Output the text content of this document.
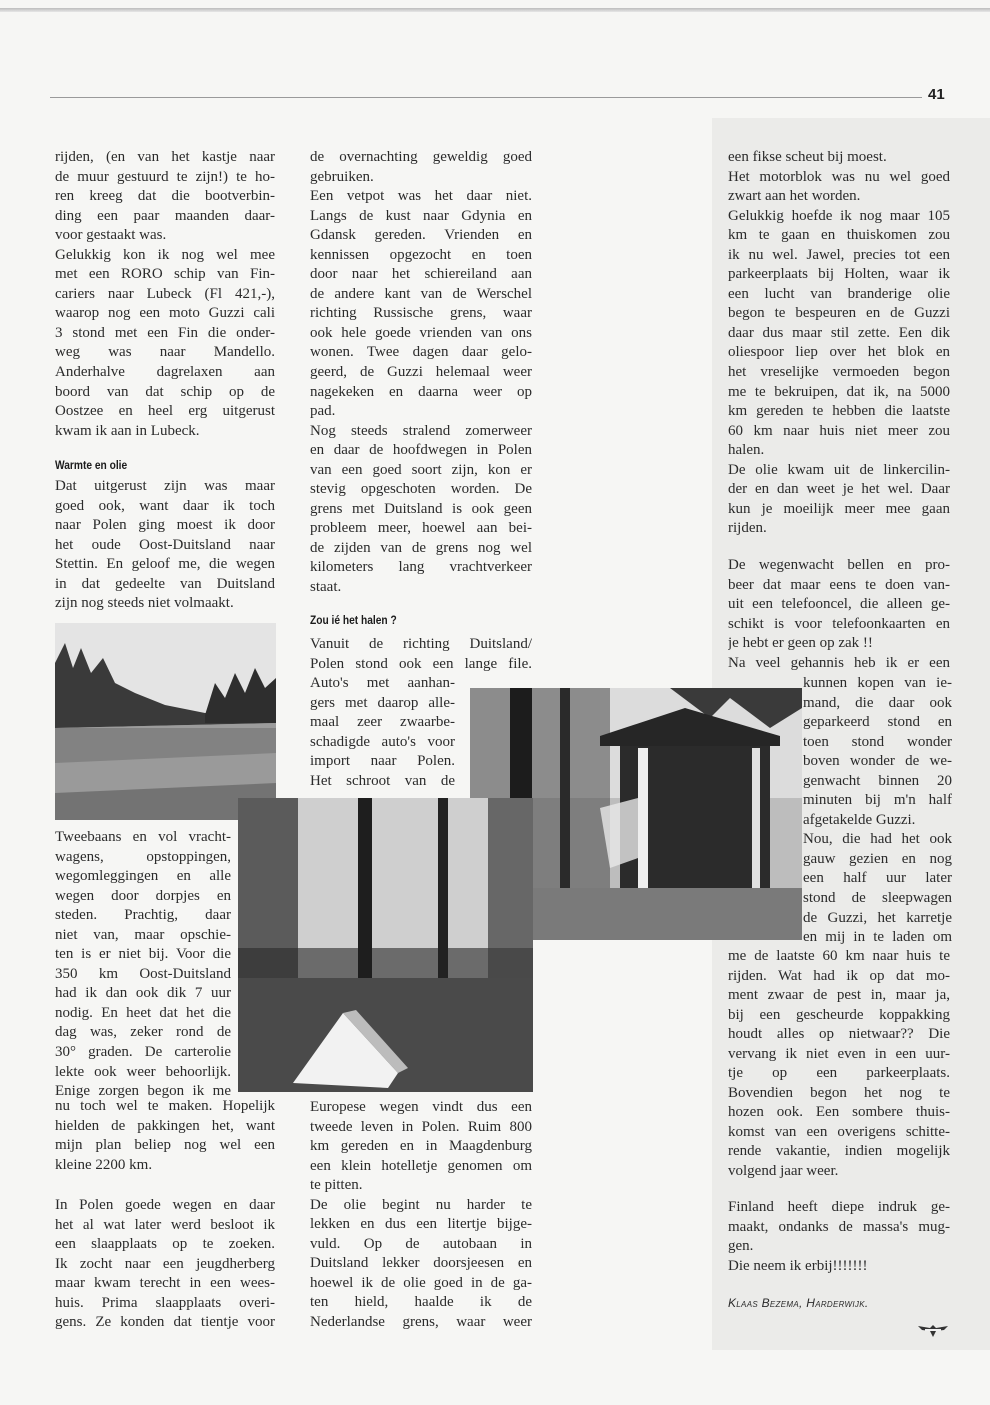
41
rijden, (en van het kastje naar
de muur gestuurd te zijn!) te ho-
ren kreeg dat die bootverbin-
ding een paar maanden daar-
voor gestaakt was.
Gelukkig kon ik nog wel mee
met een RORO schip van Fin-
cariers naar Lubeck (Fl 421,-),
waarop nog een moto Guzzi cali
3 stond met een Fin die onder-
weg was naar Mandello.
Anderhalve dagrelaxen aan
boord van dat schip op de
Oostzee en heel erg uitgerust
kwam ik aan in Lubeck.
Warmte en olie
Dat uitgerust zijn was maar
goed ook, want daar ik toch
naar Polen ging moest ik door
het oude Oost-Duitsland naar
Stettin. En geloof me, die wegen
in dat gedeelte van Duitsland
zijn nog steeds niet volmaakt.
Tweebaans en vol vracht-
wagens, opstoppingen,
wegomleggingen en alle
wegen door dorpjes en
steden. Prachtig, daar
niet van, maar opschie-
ten is er niet bij. Voor die
350 km Oost-Duitsland
had ik dan ook dik 7 uur
nodig. En heet dat het die
dag was, zeker rond de
30° graden. De carterolie
lekte ook weer behoorlijk.
Enige zorgen begon ik me
nu toch wel te maken. Hopelijk
hielden de pakkingen het, want
mijn plan beliep nog wel een
kleine 2200 km.
In Polen goede wegen en daar
het al wat later werd besloot ik
een slaapplaats op te zoeken.
Ik zocht naar een jeugdherberg
maar kwam terecht in een wees-
huis. Prima slaapplaats overi-
gens. Ze konden dat tientje voor
de overnachting geweldig goed
gebruiken.
Een vetpot was het daar niet.
Langs de kust naar Gdynia en
Gdansk gereden. Vrienden en
kennissen opgezocht en toen
door naar het schiereiland aan
de andere kant van de Werschel
richting Russische grens, waar
ook hele goede vrienden van ons
wonen. Twee dagen daar gelo-
geerd, de Guzzi helemaal weer
nagekeken en daarna weer op
pad.
Nog steeds stralend zomerweer
en daar de hoofdwegen in Polen
van een goed soort zijn, kon er
stevig opgeschoten worden. De
grens met Duitsland is ook geen
probleem meer, hoewel aan bei-
de zijden van de grens nog wel
kilometers lang vrachtverkeer
staat.
Zou ié het halen ?
Vanuit de richting Duitsland/
Polen stond ook een lange file.
Auto's met aanhan-
gers met daarop alle-
maal zeer zwaarbe-
schadigde auto's voor
import naar Polen.
Het schroot van de
Europese wegen vindt dus een
tweede leven in Polen. Ruim 800
km gereden en in Maagdenburg
een klein hotelletje genomen om
te pitten.
De olie begint nu harder te
lekken en dus een litertje bijge-
vuld. Op de autobaan in
Duitsland lekker doorsjeesen en
hoewel ik de olie goed in de ga-
ten hield, haalde ik de
Nederlandse grens, waar weer
een fikse scheut bij moest.
Het motorblok was nu wel goed
zwart aan het worden.
Gelukkig hoefde ik nog maar 105
km te gaan en thuiskomen zou
ik nu wel. Jawel, precies tot een
parkeerplaats bij Holten, waar ik
een lucht van branderige olie
begon te bespeuren en de Guzzi
daar dus maar stil zette. Een dik
oliespoor liep over het blok en
het vreselijke vermoeden begon
me te bekruipen, dat ik, na 5000
km gereden te hebben die laatste
60 km naar huis niet meer zou
halen.
De olie kwam uit de linkercilin-
der en dan weet je het wel. Daar
kun je moeilijk meer mee gaan
rijden.
De wegenwacht bellen en pro-
beer dat maar eens te doen van-
uit een telefooncel, die alleen ge-
schikt is voor telefoonkaarten en
je hebt er geen op zak !!
Na veel gehannis heb ik er een
kunnen kopen van ie-
mand, die daar ook
geparkeerd stond en
toen stond wonder
boven wonder de we-
genwacht binnen 20
minuten bij m'n half
afgetakelde Guzzi.
Nou, die had het ook
gauw gezien en nog
een half uur later
stond de sleepwagen
de Guzzi, het karretje
en mij in te laden om
me de laatste 60 km naar huis te
rijden. Wat had ik op dat mo-
ment zwaar de pest in, maar ja,
bij een gescheurde koppakking
houdt alles op nietwaar?? Die
vervang ik niet even in een uur-
tje op een parkeerplaats.
Bovendien begon het nog te
hozen ook. Een sombere thuis-
komst van een overigens schitte-
rende vakantie, indien mogelijk
volgend jaar weer.
Finland heeft diepe indruk ge-
maakt, ondanks de massa's mug-
gen.
Die neem ik erbij!!!!!!!
Klaas Bezema, Harderwijk.
